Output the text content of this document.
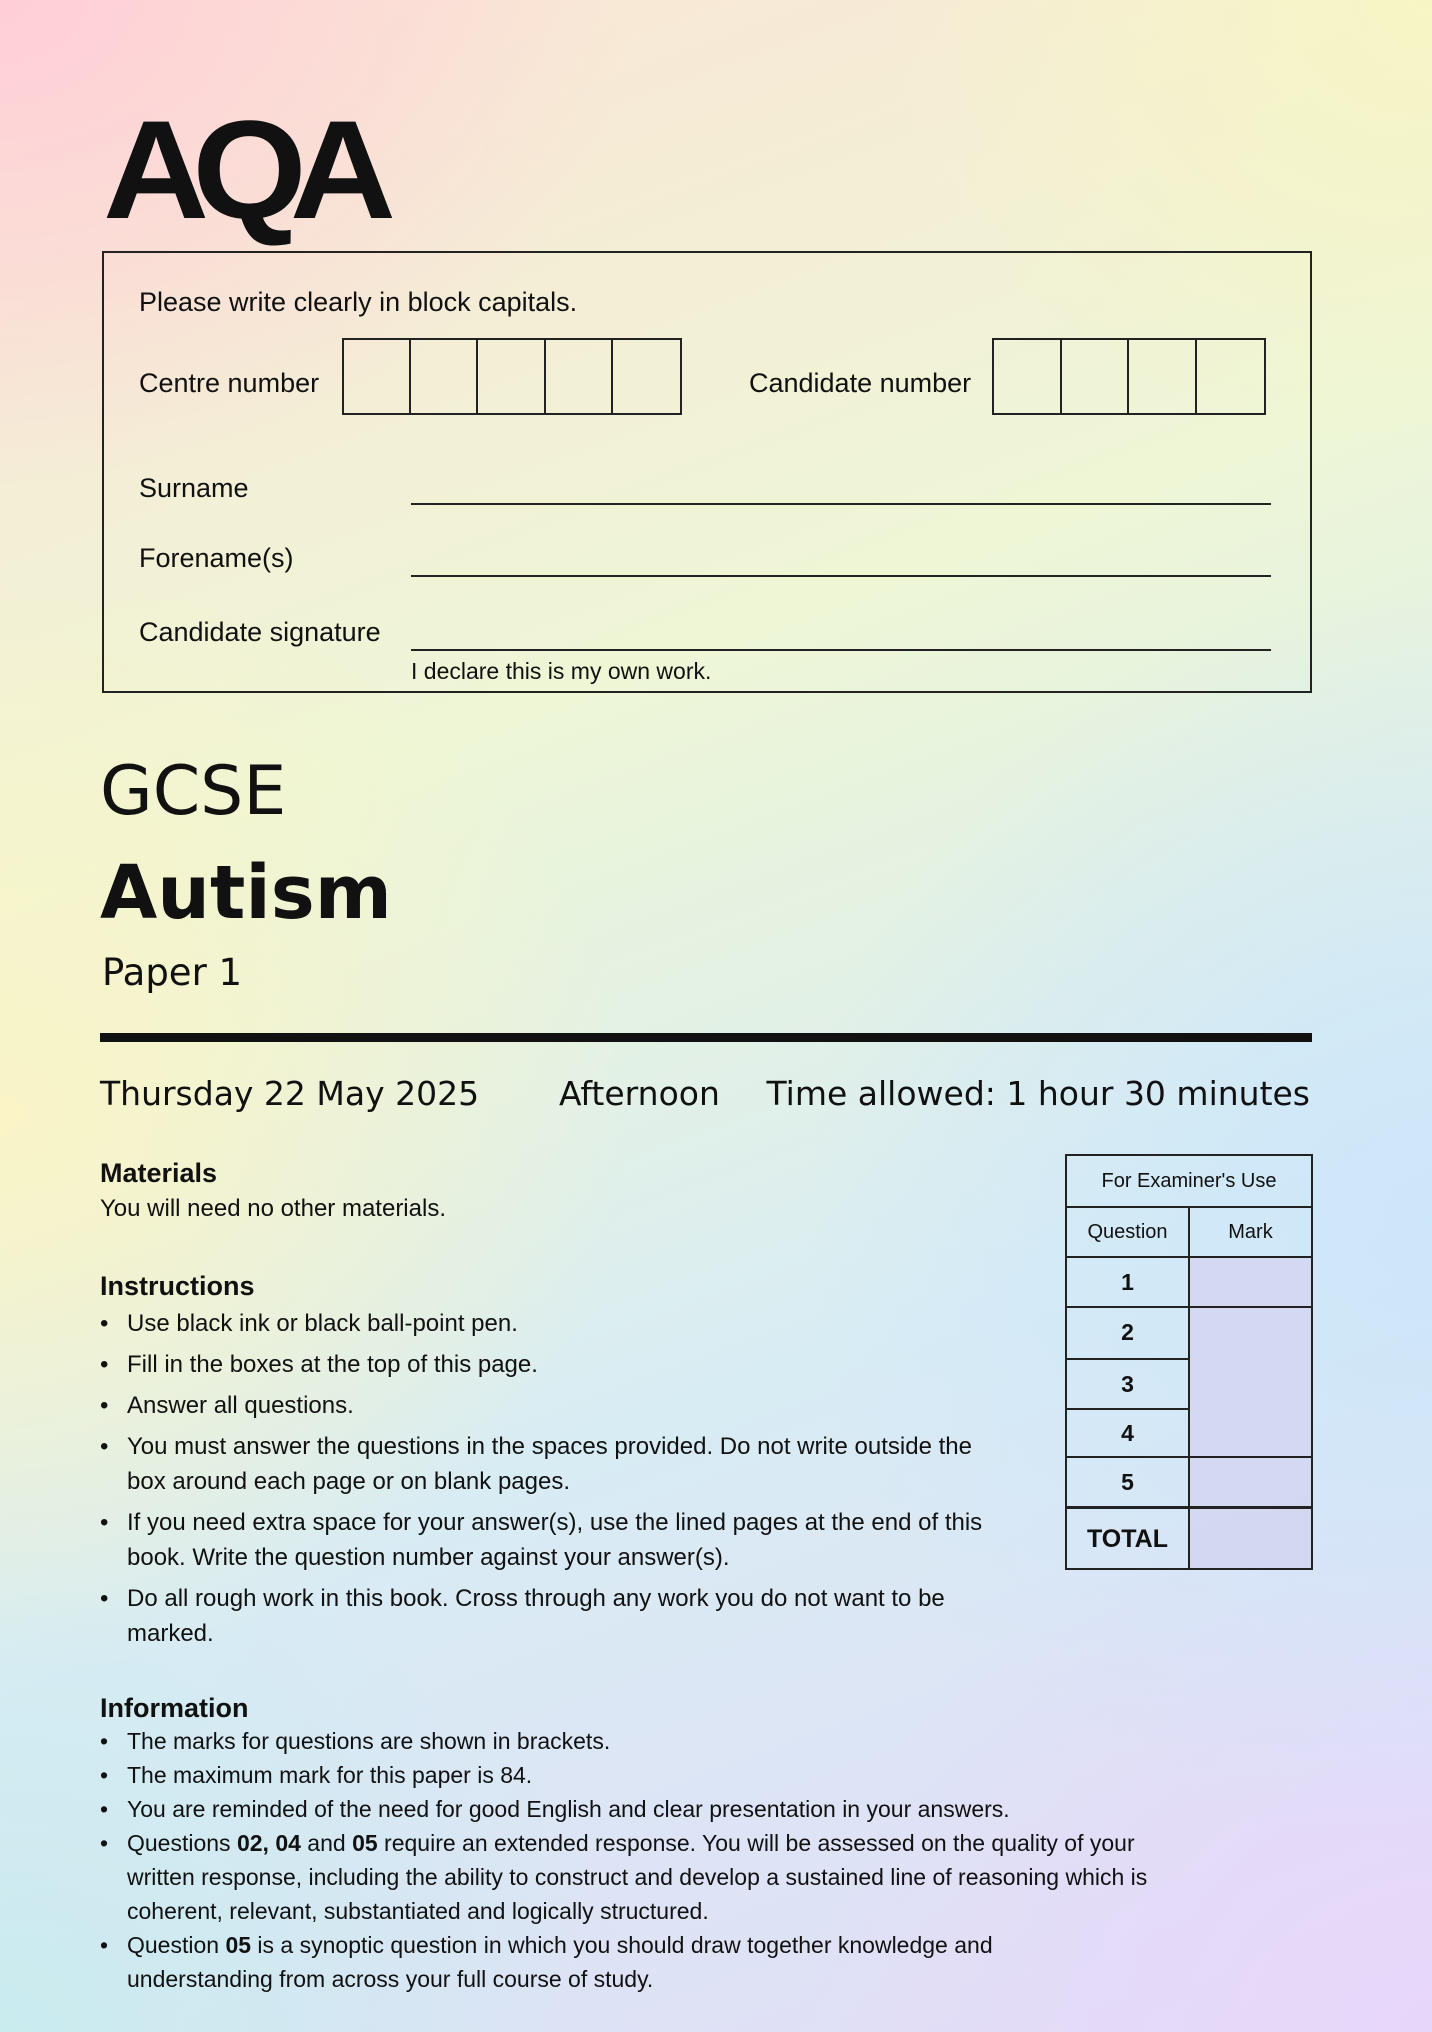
AQA
Please write clearly in block capitals.
Centre number	Candidate number
Surname
Forename(s)
Candidate signature
I declare this is my own work.
GCSE
Autism
Paper 1
Thursday 22 May 2025 Afternoon Time allowed: 1 hour 30 minutes
Materials
You will need no other materials.
Instructions
• Use black ink or black ball-point pen.
• Fill in the boxes at the top of this page.
• Answer all questions.
• You must answer the questions in the spaces provided. Do not write outside the box around each page or on blank pages.
• If you need extra space for your answer(s), use the lined pages at the end of this book. Write the question number against your answer(s).
• Do all rough work in this book. Cross through any work you do not want to be marked.
Information
• The marks for questions are shown in brackets.
• The maximum mark for this paper is 84.
• You are reminded of the need for good English and clear presentation in your answers.
• Questions 02, 04 and 05 require an extended response. You will be assessed on the quality of your written response, including the ability to construct and develop a sustained line of reasoning which is coherent, relevant, substantiated and logically structured.
• Question 05 is a synoptic question in which you should draw together knowledge and understanding from across your full course of study.
For Examiner's Use
Question	Mark
1
2
3
4
5
TOTAL
